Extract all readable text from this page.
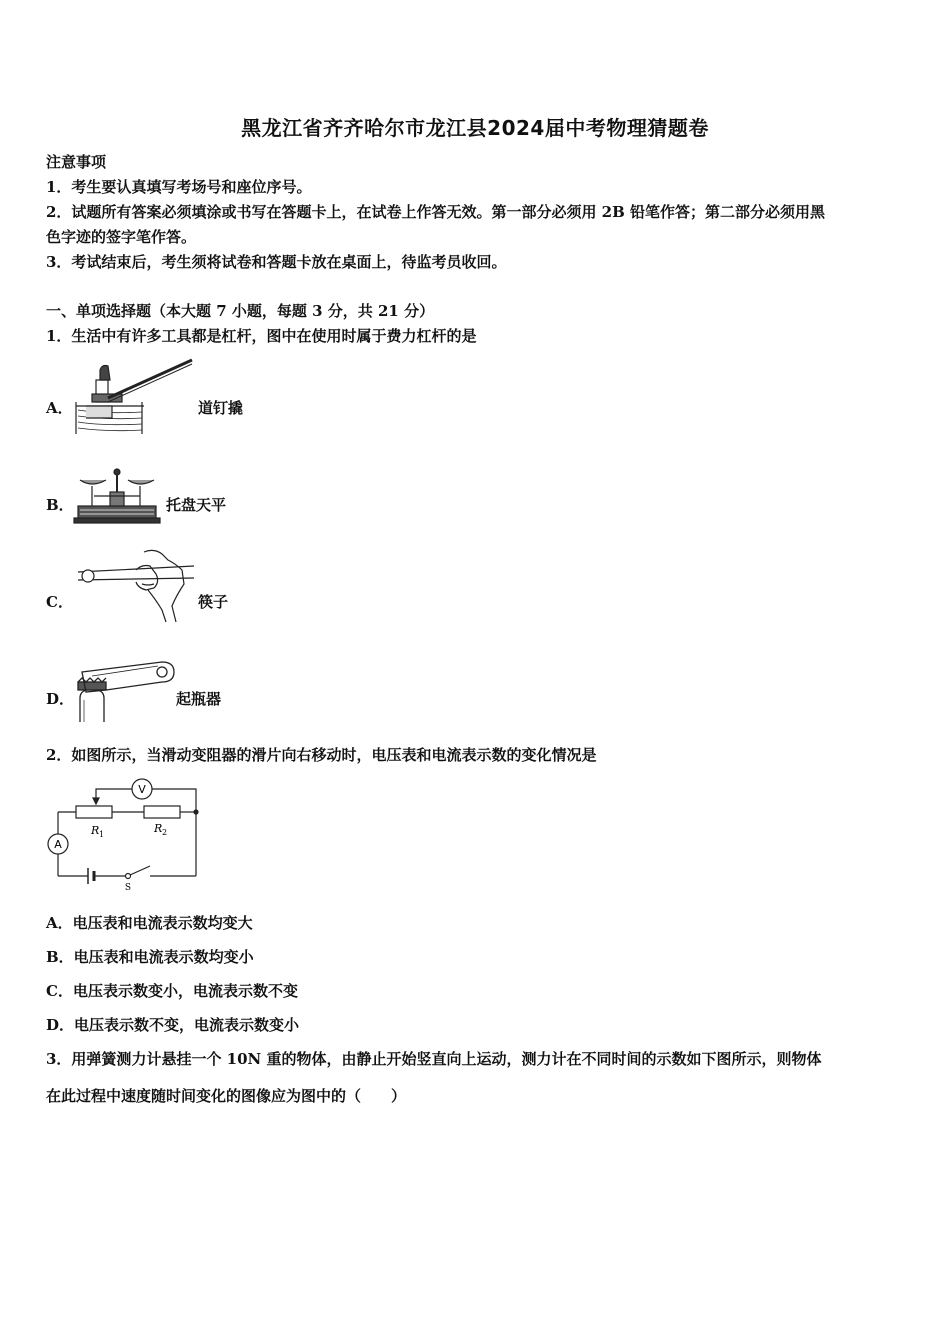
黑龙江省齐齐哈尔市龙江县2024届中考物理猜题卷
注意事项
1．考生要认真填写考场号和座位序号。
2．试题所有答案必须填涂或书写在答题卡上，在试卷上作答无效。第一部分必须用 2B 铅笔作答；第二部分必须用黑
色字迹的签字笔作答。
3．考试结束后，考生须将试卷和答题卡放在桌面上，待监考员收回。
一、单项选择题（本大题 7 小题，每题 3 分，共 21 分）
1．生活中有许多工具都是杠杆，图中在使用时属于费力杠杆的是
A．	道钉撬
B．	托盘天平
C．	筷子
D．	起瓶器
2．如图所示，当滑动变阻器的滑片向右移动时，电压表和电流表示数的变化情况是
V
A
R 1	R 2
S
A．电压表和电流表示数均变大
B．电压表和电流表示数均变小
C．电压表示数变小，电流表示数不变
D．电压表示数不变，电流表示数变小
3．用弹簧测力计悬挂一个 10N 重的物体，由静止开始竖直向上运动，测力计在不同时间的示数如下图所示，则物体
在此过程中速度随时间变化的图像应为图中的（　　）
